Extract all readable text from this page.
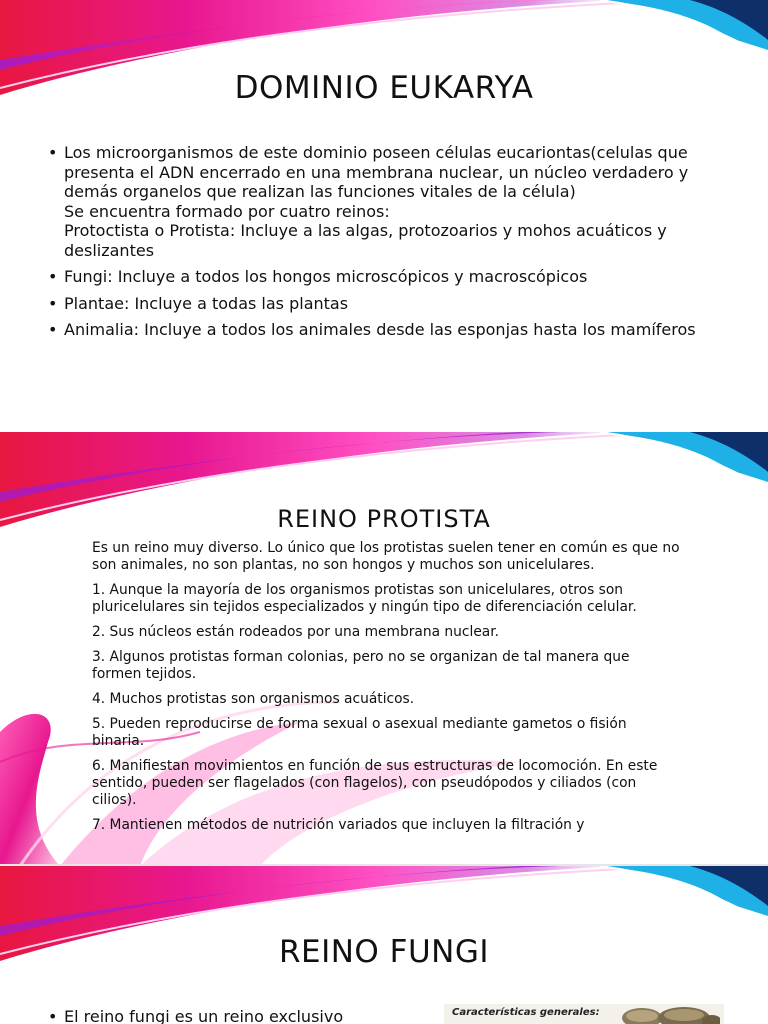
DOMINIO EUKARYA
• Los microorganismos de este dominio poseen células eucariontas(celulas que presenta el ADN encerrado en una membrana nuclear, un núcleo verdadero y demás organelos que realizan las funciones vitales de la célula)
Se encuentra formado por cuatro reinos:
Protoctista o Protista: Incluye a las algas, protozoarios y mohos acuáticos y deslizantes
• Fungi: Incluye a todos los hongos microscópicos y macroscópicos
• Plantae: Incluye a todas las plantas
• Animalia: Incluye a todos los animales desde las esponjas hasta los mamíferos
REINO PROTISTA

Es un reino muy diverso. Lo único que los protistas suelen tener en común es que no son animales, no son plantas, no son hongos y muchos son unicelulares.

1. Aunque la mayoría de los organismos protistas son unicelulares, otros son pluricelulares sin tejidos especializados y ningún tipo de diferenciación celular.

2. Sus núcleos están rodeados por una membrana nuclear.

3. Algunos protistas forman colonias, pero no se organizan de tal manera que formen tejidos.

4. Muchos protistas son organismos acuáticos.

5. Pueden reproducirse de forma sexual o asexual mediante gametos o fisión binaria.

6. Manifiestan movimientos en función de sus estructuras de locomoción. En este sentido, pueden ser flagelados (con flagelos), con pseudópodos y ciliados (con cilios).

7. Mantienen métodos de nutrición variados que incluyen la filtración y

REINO FUNGI
• El reino fungi es un reino exclusivo	Características generales:
